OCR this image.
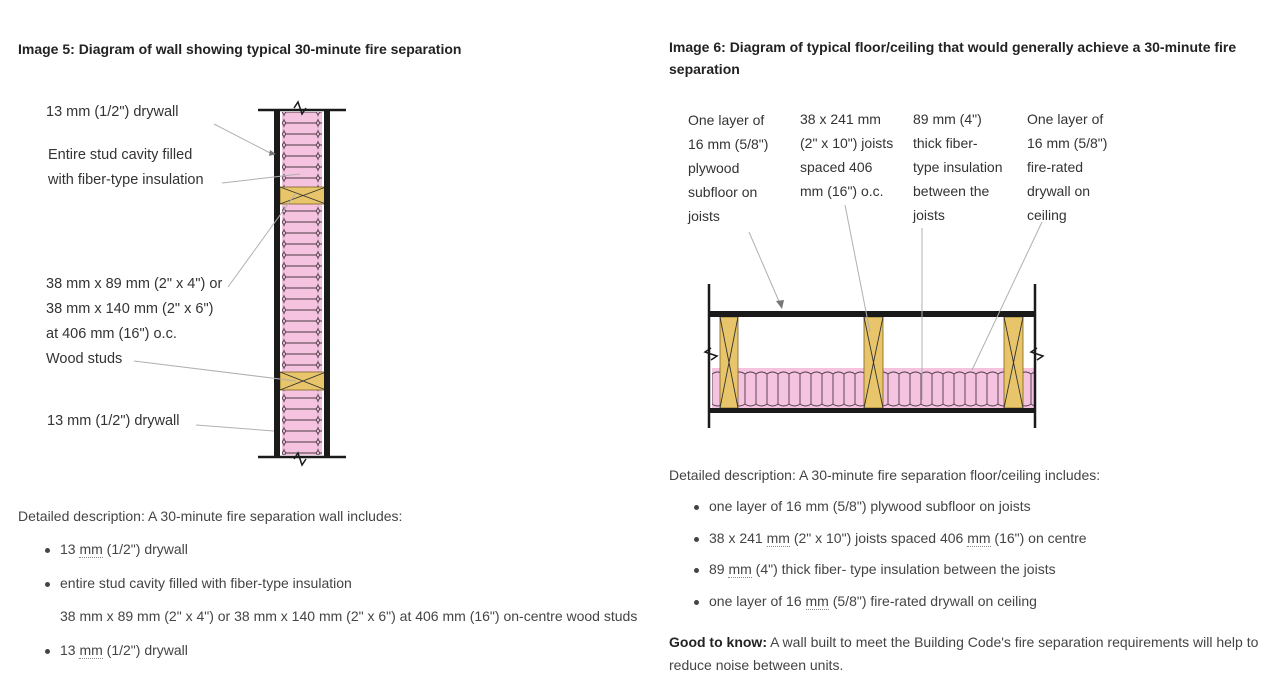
Image 5: Diagram of wall showing typical 30-minute fire separation
13 mm (1/2") drywall
Entire stud cavity filled
with fiber-type insulation
38 mm x 89 mm (2" x 4") or
38 mm x 140 mm (2" x 6")
at 406 mm (16") o.c.
Wood studs
13 mm (1/2") drywall
Detailed description: A 30-minute fire separation wall includes:
13 mm (1/2") drywall
entire stud cavity filled with fiber-type insulation
38 mm x 89 mm (2" x 4") or 38 mm x 140 mm (2" x 6") at 406 mm (16") on-centre wood studs
13 mm (1/2") drywall
Image 6: Diagram of typical floor/ceiling that would generally achieve a 30-minute fire
separation
One layer of
16 mm (5/8")
plywood
subfloor on
joists
38 x 241 mm
(2" x 10") joists
spaced 406
mm (16") o.c.
89 mm (4")
thick fiber-
type insulation
between the
joists
One layer of
16 mm (5/8")
fire-rated
drywall on
ceiling
Detailed description: A 30-minute fire separation floor/ceiling includes:
one layer of 16 mm (5/8") plywood subfloor on joists
38 x 241 mm (2" x 10") joists spaced 406 mm (16") on centre
89 mm (4") thick fiber- type insulation between the joists
one layer of 16 mm (5/8") fire-rated drywall on ceiling
Good to know: A wall built to meet the Building Code's fire separation requirements will help to
reduce noise between units.
